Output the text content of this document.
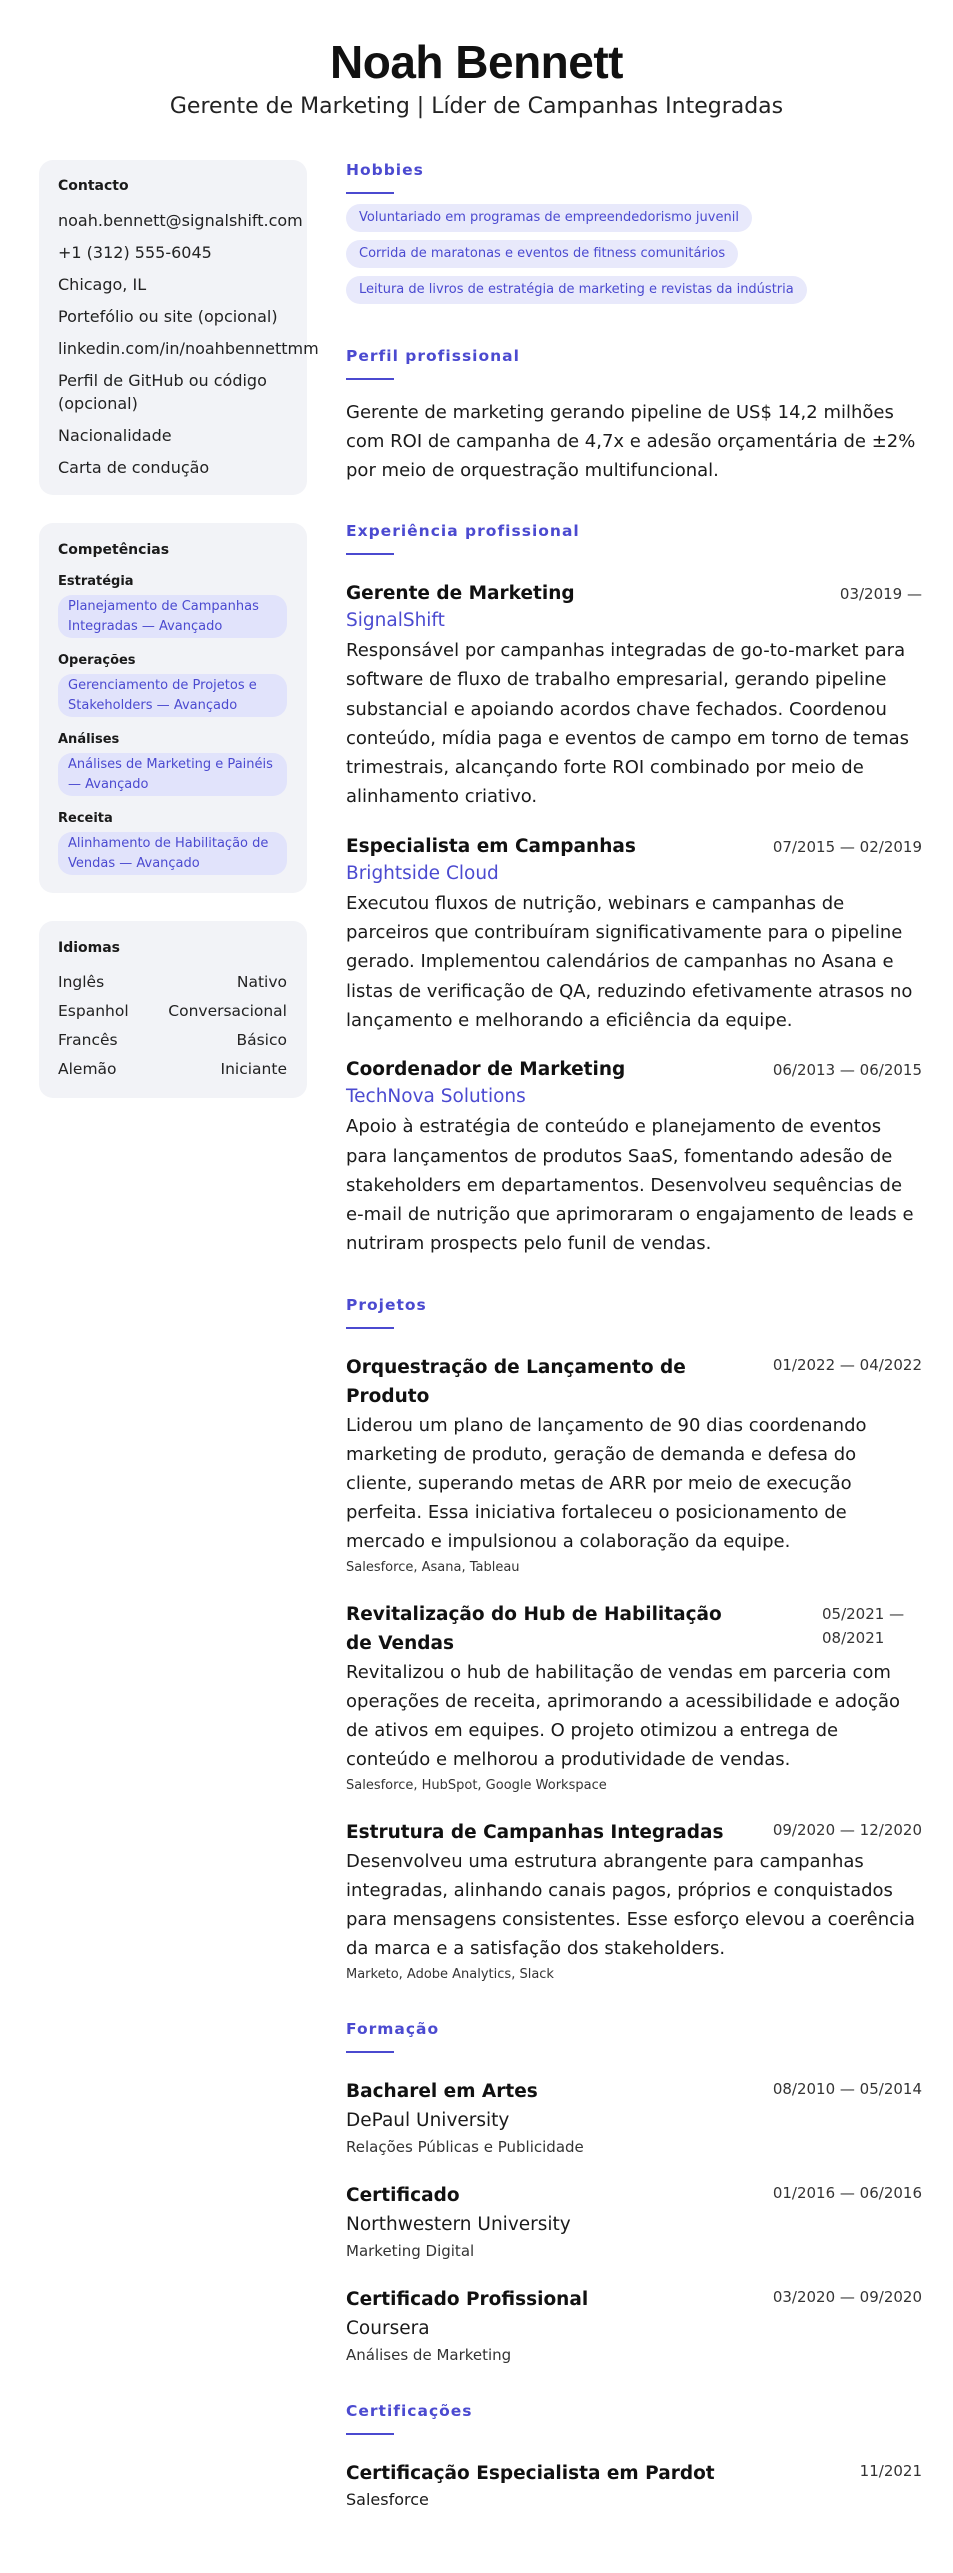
Noah Bennett
Gerente de Marketing | Líder de Campanhas Integradas
Contacto
noah.bennett@signalshift.com
+1 (312) 555-6045
Chicago, IL
Portefólio ou site (opcional)
linkedin.com/in/noahbennettmm
Perfil de GitHub ou código (opcional)
Nacionalidade
Carta de condução
Competências
Estratégia
Planejamento de Campanhas Integradas — Avançado
Operações
Gerenciamento de Projetos e Stakeholders — Avançado
Análises
Análises de Marketing e Painéis — Avançado
Receita
Alinhamento de Habilitação de Vendas — Avançado
Idiomas
Inglês	Nativo
Espanhol	Conversacional
Francês	Básico
Alemão	Iniciante
Hobbies
Voluntariado em programas de empreendedorismo juvenil
Corrida de maratonas e eventos de fitness comunitários
Leitura de livros de estratégia de marketing e revistas da indústria
Perfil profissional
Gerente de marketing gerando pipeline de US$ 14,2 milhões com ROI de campanha de 4,7x e adesão orçamentária de ±2% por meio de orquestração multifuncional.
Experiência profissional
Gerente de Marketing	03/2019 —
SignalShift
Responsável por campanhas integradas de go-to-market para software de fluxo de trabalho empresarial, gerando pipeline substancial e apoiando acordos chave fechados. Coordenou conteúdo, mídia paga e eventos de campo em torno de temas trimestrais, alcançando forte ROI combinado por meio de alinhamento criativo.
Especialista em Campanhas	07/2015 — 02/2019
Brightside Cloud
Executou fluxos de nutrição, webinars e campanhas de parceiros que contribuíram significativamente para o pipeline gerado. Implementou calendários de campanhas no Asana e listas de verificação de QA, reduzindo efetivamente atrasos no lançamento e melhorando a eficiência da equipe.
Coordenador de Marketing	06/2013 — 06/2015
TechNova Solutions
Apoio à estratégia de conteúdo e planejamento de eventos para lançamentos de produtos SaaS, fomentando adesão de stakeholders em departamentos. Desenvolveu sequências de e-mail de nutrição que aprimoraram o engajamento de leads e nutriram prospects pelo funil de vendas.
Projetos
Orquestração de Lançamento de Produto
01/2022 — 04/2022
Liderou um plano de lançamento de 90 dias coordenando marketing de produto, geração de demanda e defesa do cliente, superando metas de ARR por meio de execução perfeita. Essa iniciativa fortaleceu o posicionamento de mercado e impulsionou a colaboração da equipe.
Salesforce, Asana, Tableau
Revitalização do Hub de Habilitação de Vendas
05/2021 — 08/2021
Revitalizou o hub de habilitação de vendas em parceria com operações de receita, aprimorando a acessibilidade e adoção de ativos em equipes. O projeto otimizou a entrega de conteúdo e melhorou a produtividade de vendas.
Salesforce, HubSpot, Google Workspace
Estrutura de Campanhas Integradas	09/2020 — 12/2020
Desenvolveu uma estrutura abrangente para campanhas integradas, alinhando canais pagos, próprios e conquistados para mensagens consistentes. Esse esforço elevou a coerência da marca e a satisfação dos stakeholders.
Marketo, Adobe Analytics, Slack
Formação
Bacharel em Artes	08/2010 — 05/2014
DePaul University
Relações Públicas e Publicidade
Certificado	01/2016 — 06/2016
Northwestern University
Marketing Digital
Certificado Profissional	03/2020 — 09/2020
Coursera
Análises de Marketing
Certificações
Certificação Especialista em Pardot	11/2021
Salesforce
